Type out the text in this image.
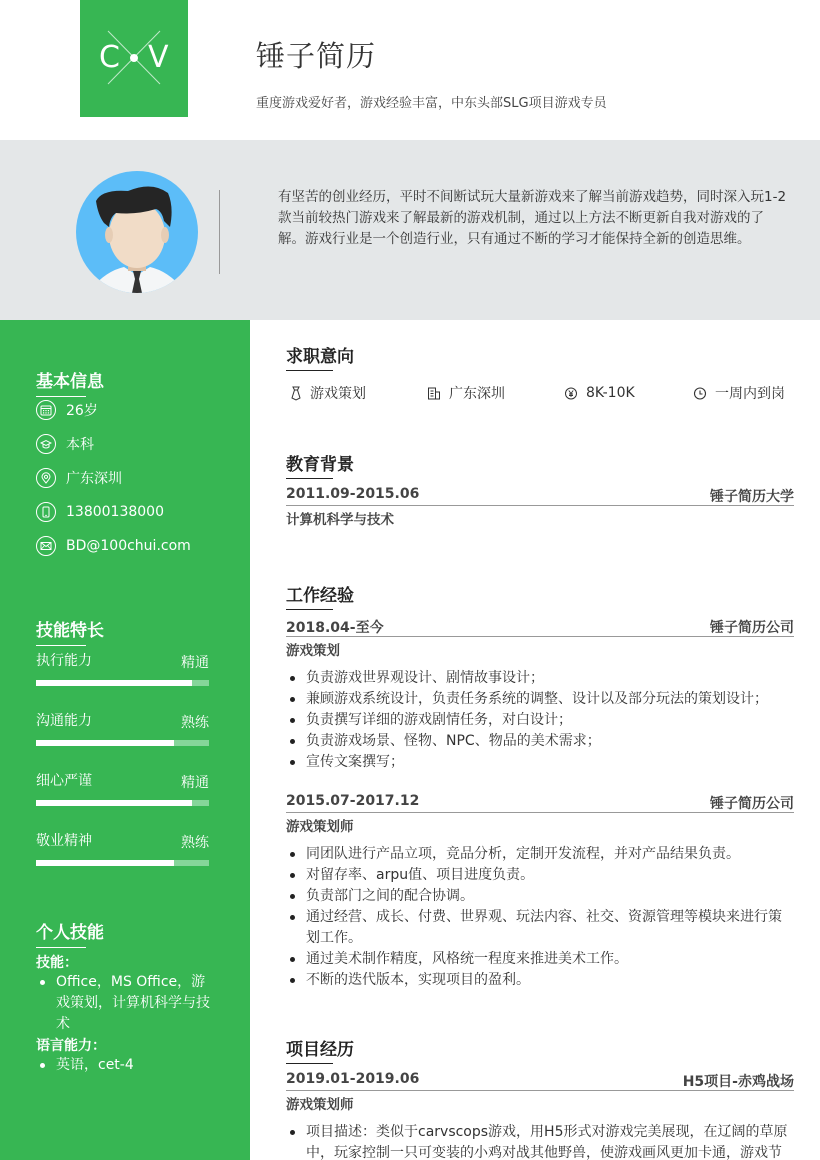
C V	锤子简历
重度游戏爱好者，游戏经验丰富，中东头部SLG项目游戏专员
有坚苦的创业经历，平时不间断试玩大量新游戏来了解当前游戏趋势，同时深入玩1-2款当前较热门游戏来了解最新的游戏机制，通过以上方法不断更新自我对游戏的了解。游戏行业是一个创造行业，只有通过不断的学习才能保持全新的创造思维。
基本信息
26岁
本科
广东深圳
13800138000
BD@100chui.com
技能特长
执行能力	精通
沟通能力	熟练
细心严谨	精通
敬业精神	熟练
个人技能
技能：
Office，MS Office，游戏策划，计算机科学与技术
语言能力：
英语，cet-4
求职意向
游戏策划	广东深圳	8K-10K	一周内到岗
教育背景
2011.09-2015.06	锤子简历大学
计算机科学与技术
工作经验
2018.04-至今	锤子简历公司
游戏策划
负责游戏世界观设计、剧情故事设计；
兼顾游戏系统设计，负责任务系统的调整、设计以及部分玩法的策划设计；
负责撰写详细的游戏剧情任务，对白设计；
负责游戏场景、怪物、NPC、物品的美术需求；
宣传文案撰写；
2015.07-2017.12	锤子简历公司
游戏策划师
同团队进行产品立项，竞品分析，定制开发流程，并对产品结果负责。
对留存率、arpu值、项目进度负责。
负责部门之间的配合协调。
通过经营、成长、付费、世界观、玩法内容、社交、资源管理等模块来进行策划工作。
通过美术制作精度，风格统一程度来推进美术工作。
不断的迭代版本，实现项目的盈利。
项目经历
2019.01-2019.06	H5项目-赤鸡战场
游戏策划师
项目描述：类似于carvscops游戏，用H5形式对游戏完美展现，在辽阔的草原中，玩家控制一只可变装的小鸡对战其他野兽，使游戏画风更加卡通，游戏节
